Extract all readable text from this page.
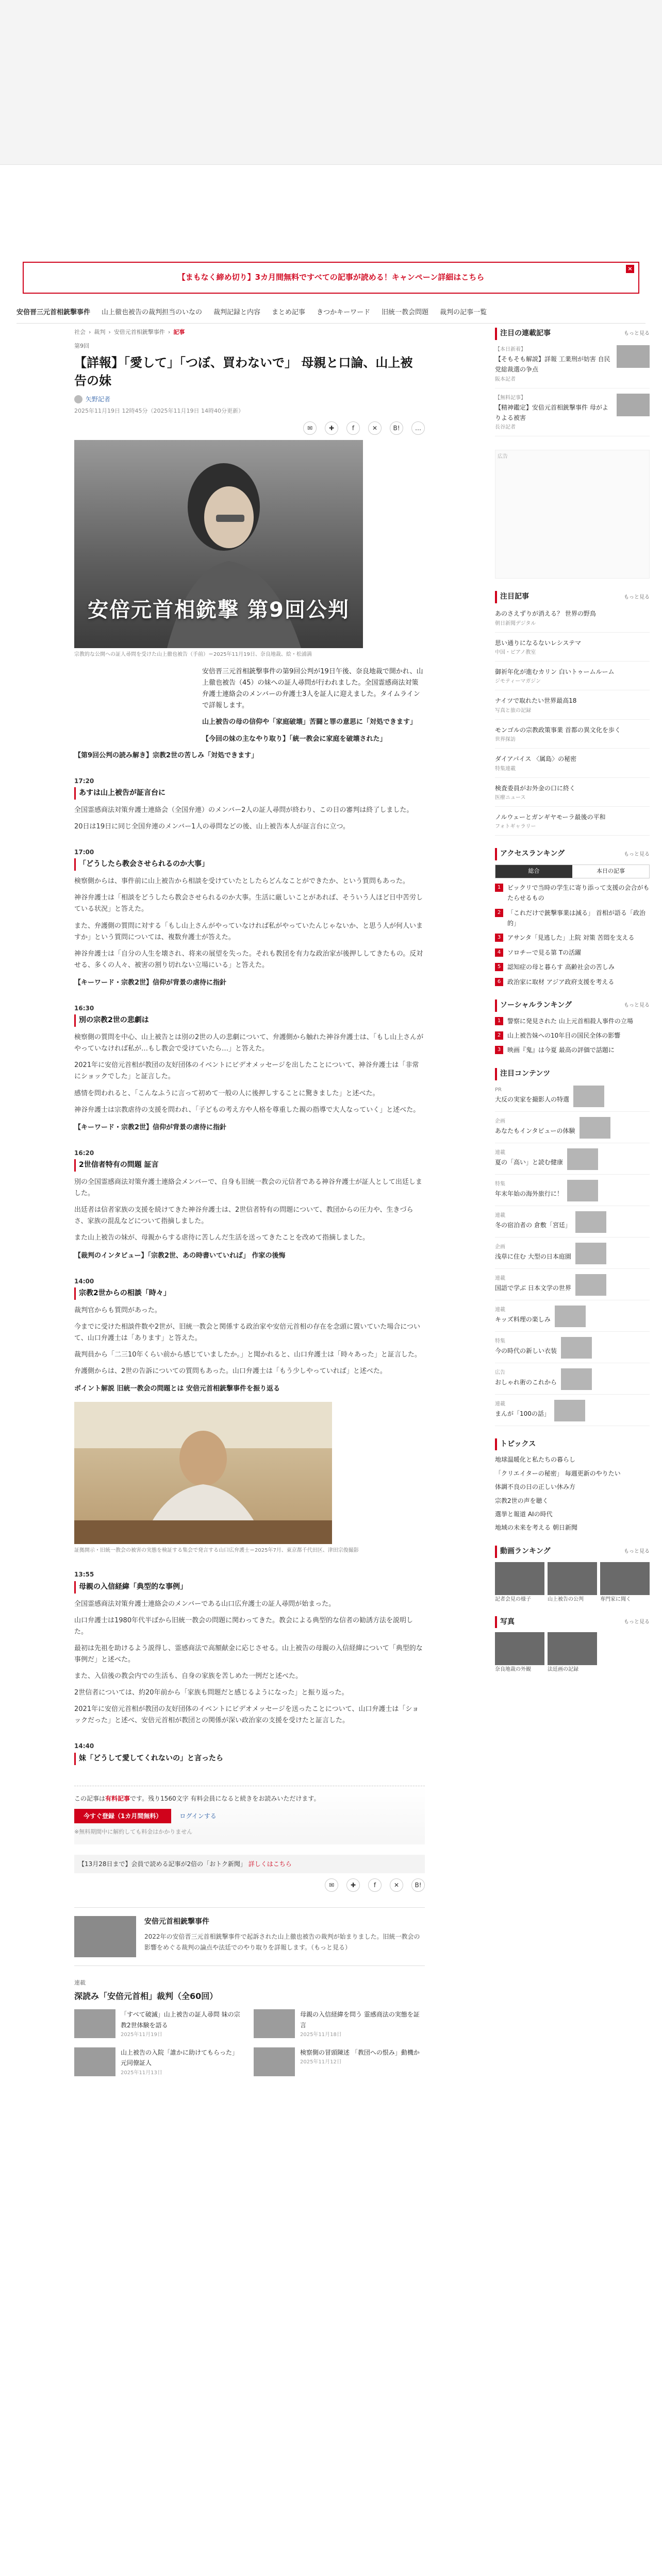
【まもなく締め切り】3カ月間無料ですべての記事が読める！キャンペーン詳細はこちら
×
安倍晋三元首相銃撃事件 山上徹也被告の裁判担当のいなの 裁判記録と内容 まとめ記事 きつかキーワード 旧統一教会問題 裁判の記事一覧
社会 › 裁判 › 安倍元首相銃撃事件 › 記事
第9回
【詳報】「愛して」「つぼ、買わないで」 母親と口論、山上被告の妹
矢野記者
2025年11月19日 12時45分（2025年11月19日 14時40分更新）
✉	✚	f	✕	B!	…
安倍元首相銃撃 第9回公判
宗教的な公開への証人尋問を受けた山上徹也被告（手前）＝2025年11月19日、奈良地裁、絵・松浦満

安倍晋三元首相銃撃事件の第9回公判が19日午後、奈良地裁で開かれ、山上徹也被告（45）の妹への証人尋問が行われました。全国霊感商法対策弁護士連絡会のメンバーの弁護士3人を証人に迎えました。タイムラインで詳報します。

山上被告の母の信仰や「家庭破壊」苦闘と罪の意思に「対処できます」

【今回の妹の主なやり取り】「統一教会に家庭を破壊された」

【第9回公判の読み解き】宗教2世の苦しみ「対処できます」
17:20
あすは山上被告が証言台に

全国霊感商法対策弁護士連絡会（全国弁連）のメンバー2人の証人尋問が終わり、この日の審判は終了しました。

20日は19日に同じ全国弁連のメンバー1人の尋問などの後、山上被告本人が証言台に立つ。

17:00
「どうしたら教会させられるのか大事」

検察側からは、事件前に山上被告から相談を受けていたとしたらどんなことができたか、という質問もあった。

神谷弁護士は「相談をどうしたら教会させられるのか大事。生活に厳しいことがあれば、そういう人ほど日中苦労している状況」と答えた。

また、弁護側の質問に対する「もし山上さんがやっていなければ私がやっていたんじゃないか、と思う人が何人いますか」という質問については、複数弁護士が答えた。

神谷弁護士は「自分の人生を壊され、将来の展望を失った。それも教団を有力な政治家が後押ししてきたもの。反対せる、多くの人々、被害の割り切れない立場にいる」と答えた。

【キーワード・宗教2世】信仰が背景の虐待に指針
16:30
別の宗教2世の悲劇は

検察側の質問を中心、山上被告とは別の2世の人の悲劇について、弁護側から触れた神谷弁護士は、「もし山上さんがやっていなければ私が…もし教会で受けていたら…」と答えた。

2021年に安倍元首相が教団の友好団体のイベントにビデオメッセージを出したことについて、神谷弁護士は「非常にショックでした」と証言した。

感情を問われると、「こんなふうに言って初めて一般の人に後押しすることに驚きました」と述べた。

神谷弁護士は宗教虐待の支援を問われ、「子どもの考え方や人格を尊重した親の指導で大人なっていく」と述べた。

【キーワード・宗教2世】信仰が背景の虐待に指針
16:20
2世信者特有の問題 証言

別の全国霊感商法対策弁護士連絡会メンバーで、自身も旧統一教会の元信者である神谷弁護士が証人として出廷しました。

出廷者は信者家族の支援を続けてきた神谷弁護士は、2世信者特有の問題について、教団からの圧力や、生きづらさ、家族の混乱などについて指摘しました。

また山上被告の妹が、母親からする虐待に苦しんだ生活を送ってきたことを改めて指摘しました。

【裁判のインタビュー】「宗教2世、あの時書いていれば」 作家の後悔
14:00
宗教2世からの相談「時々」

裁判官からも質問があった。

今までに受けた相談件数や2世が、旧統一教会と関係する政治家や安倍元首相の存在を念頭に置いていた場合について、山口弁護士は「あります」と答えた。

裁判員から「二三10年くらい前から感じていましたか。」と聞かれると、山口弁護士は「時々あった」と証言した。

弁護側からは、2世の告訴についての質問もあった。山口弁護士は「もう少しやっていれば」と述べた。

ポイント解説 旧統一教会の問題とは 安倍元首相銃撃事件を振り返る
証拠開示・旧統一教会の被害の実態を検証する集会で発言する山口広弁護士＝2025年7月、東京都千代田区、津田宗俊撮影
13:55
母親の入信経緯「典型的な事例」

全国霊感商法対策弁護士連絡会のメンバーである山口広弁護士の証人尋問が始まった。

山口弁護士は1980年代半ばから旧統一教会の問題に関わってきた。教会による典型的な信者の勧誘方法を説明した。

最初は先祖を助けるよう説得し、霊感商法で高額献金に応じさせる。山上被告の母親の入信経緯について「典型的な事例だ」と述べた。

また、入信後の教会内での生活も、自身の家族を苦しめた一例だと述べた。

2世信者については、約20年前から「家族も問題だと感じるようになった」と振り返った。

2021年に安倍元首相が教団の友好団体のイベントにビデオメッセージを送ったことについて、山口弁護士は「ショックだった」と述べ、安倍元首相が教団との関係が深い政治家の支援を受けたと証言した。

14:40
妹「どうして愛してくれないの」と言ったら
この記事は有料記事です。残り1560文字 有料会員になると続きをお読みいただけます。
今すぐ登録（1カ月間無料）	ログインする
※無料期間中に解約しても料金はかかりません
【13月28日まで】会員で読める記事が2倍の「おトク新聞」 詳しくはこちら
✉	✚	f	✕	B!
安倍元首相銃撃事件
2022年の安倍晋三元首相銃撃事件で起訴された山上徹也被告の裁判が始まりました。旧統一教会の影響をめぐる裁判の論点や法廷でのやり取りを詳報します。（もっと見る）
連載
深読み「安倍元首相」裁判（全60回）
「すべて破滅」山上被告の証人尋問 妹の宗教2世体験を語る
2025年11月19日
母親の入信経緯を問う 霊感商法の実態を証言
2025年11月18日
山上被告の入院「誰かに助けてもらった」 元同僚証人
2025年11月13日
検察側の冒頭陳述 「教団への恨み」動機か
2025年11月12日
注目の連載記事	もっと見る
【本日新着】
【そもそも解説】詳報 工業刑が妨害 自民党総裁選の争点
阪本記者
【無料記事】
【精神鑑定】安倍元首相銃撃事件 母がよりよる被害
長谷記者
広告
注目記事	もっと見る
あのさえずりが消える？ 世界の野鳥
朝日新聞デジタル
思い通りになるないレシステマ
中国・ピアノ教室
御祈年化が進むカリン 白いトゥームルーム
ジモティーマガジン
ナイツで取れたい世界最高18
写真と旅の記録
モンゴルの宗教政策事業 首都の異文化を歩く
世界探訪
ダイアパイス 〈属島〉の秘密
特集連載
検査委員がお外金の口に終く
医療ニュース
ノルウェーとガンギヤモーラ最後の平和
フォトギャラリー
アクセスランキング	もっと見る
総合	本日の記事
1	ビックリで当時の学生に寄り添って支援の会合がもたらせるもの
2	「これだけで銃撃事業は減る」 首相が語る「政治的」
3	アサンタ「見逃した」上院 対策 苦悶を支える
4	ソロチーで見る第 Tの活躍
5	認知症の母と暮らす 高齢社会の苦しみ
6	政治家に取材 アジア政府支援を考える
ソーシャルランキング	もっと見る
1	警察に発見された 山上元首相殺人事件の立場
2	山上被告妹への10年目の国民全体の影響
3	映画『鬼』は今夏 最高の評価で話題に
注目コンテンツ
PR
大反の実家を撮影人の特選
企画
あなたもインタビューの体験
連載
夏の「高い」と読む健康
特集
年末年始の海外旅行に！
連載
冬の宿泊者の 倉敷「宮廷」
企画
浅草に住む 大型の日本庭園
連載
国語で学ぶ 日本文学の世界
連載
キッズ料理の楽しみ
特集
今の時代の新しい衣装
広告
おしゃれ術のこれから
連載
まんが「100の話」
トピックス
地球温暖化と私たちの暮らし
「クリエイターの秘密」 毎週更新のやりたい
体調不良の日の正しい休み方
宗教2世の声を聴く
選挙と報道 AIの時代
地域の未来を考える 朝日新聞
動画ランキング	もっと見る
記者会見の様子	山上被告の公判	専門家に聞く
写真	もっと見る
奈良地裁の外観	法廷画の記録
